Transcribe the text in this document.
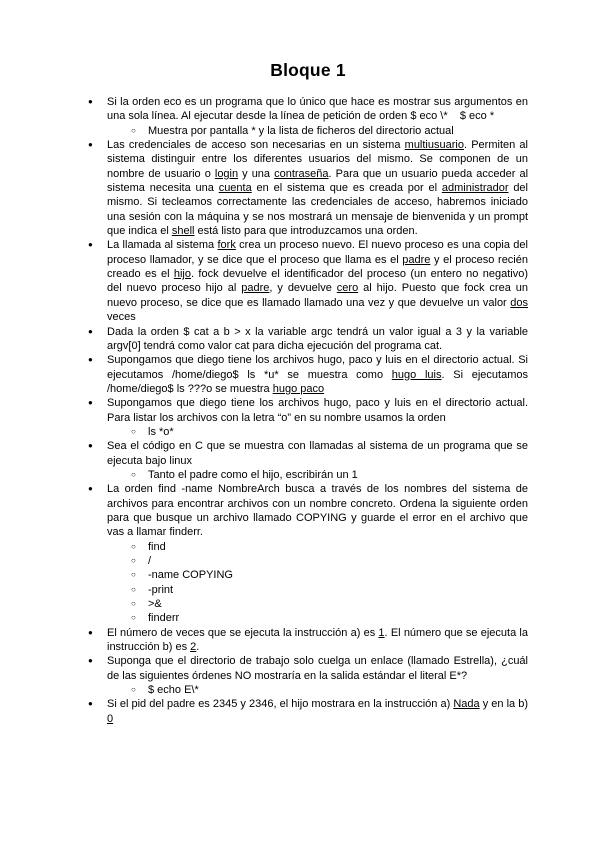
Bloque 1
●	Si la orden eco es un programa que lo único que hace es mostrar sus argumentos en una sola línea. Al ejecutar desde la línea de petición de orden $ eco \*    $ eco *
○	Muestra por pantalla * y la lista de ficheros del directorio actual
●	Las credenciales de acceso son necesarias en un sistema multiusuario. Permiten al sistema distinguir entre los diferentes usuarios del mismo. Se componen de un nombre de usuario o login y una contraseña. Para que un usuario pueda acceder al sistema necesita una cuenta en el sistema que es creada por el administrador del mismo. Si tecleamos correctamente las credenciales de acceso, habremos iniciado una sesión con la máquina y se nos mostrará un mensaje de bienvenida y un prompt que indica el shell está listo para que introduzcamos una orden.
●	La llamada al sistema fork crea un proceso nuevo. El nuevo proceso es una copia del proceso llamador, y se dice que el proceso que llama es el padre y el proceso recién creado es el hijo. fock devuelve el identificador del proceso (un entero no negativo) del nuevo proceso hijo al padre, y devuelve cero al hijo. Puesto que fock crea un nuevo proceso, se dice que es llamado llamado una vez y que devuelve un valor dos veces
●	Dada la orden $ cat a b > x la variable argc tendrá un valor igual a 3 y la variable argv[0] tendrá como valor cat para dicha ejecución del programa cat.
●	Supongamos que diego tiene los archivos hugo, paco y luis en el directorio actual. Si ejecutamos /home/diego$ ls *u* se muestra como hugo luis. Si ejecutamos /home/diego$ ls ???o se muestra hugo paco
●	Supongamos que diego tiene los archivos hugo, paco y luis en el directorio actual. Para listar los archivos con la letra “o” en su nombre usamos la orden
○	ls *o*
●	Sea el código en C que se muestra con llamadas al sistema de un programa que se ejecuta bajo linux
○	Tanto el padre como el hijo, escribirán un 1
●	La orden find -name NombreArch busca a través de los nombres del sistema de archivos para encontrar archivos con un nombre concreto. Ordena la siguiente orden para que busque un archivo llamado COPYING y guarde el error en el archivo que vas a llamar finderr.
○	find
○	/
○	-name COPYING
○	-print
○	>&
○	finderr
●	El número de veces que se ejecuta la instrucción a) es 1. El número que se ejecuta la instrucción b) es 2.
●	Suponga que el directorio de trabajo solo cuelga un enlace (llamado Estrella), ¿cuál de las siguientes órdenes NO mostraría en la salida estándar el literal E*?
○	$ echo E\*
●	Si el pid del padre es 2345 y 2346, el hijo mostrara en la instrucción a) Nada y en la b) 0
